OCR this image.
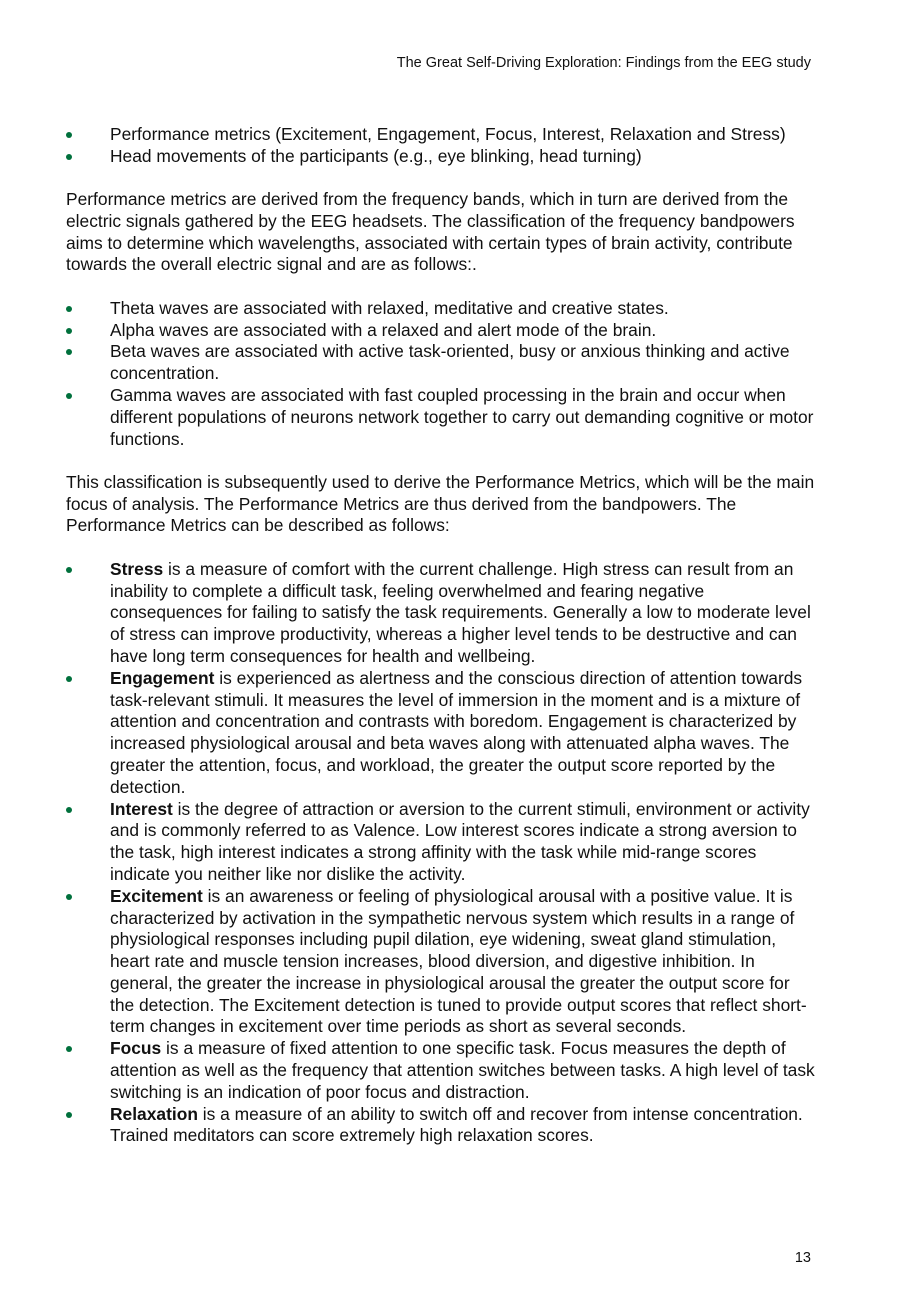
The Great Self-Driving Exploration: Findings from the EEG study
Performance metrics (Excitement, Engagement, Focus, Interest, Relaxation and Stress)
Head movements of the participants (e.g., eye blinking, head turning)

Performance metrics are derived from the frequency bands, which in turn are derived from the electric signals gathered by the EEG headsets. The classification of the frequency bandpowers aims to determine which wavelengths, associated with certain types of brain activity, contribute towards the overall electric signal and are as follows:.

Theta waves are associated with relaxed, meditative and creative states.
Alpha waves are associated with a relaxed and alert mode of the brain.
Beta waves are associated with active task-oriented, busy or anxious thinking and active concentration.
Gamma waves are associated with fast coupled processing in the brain and occur when different populations of neurons network together to carry out demanding cognitive or motor functions.

This classification is subsequently used to derive the Performance Metrics, which will be the main focus of analysis. The Performance Metrics are thus derived from the bandpowers. The Performance Metrics can be described as follows:

Stress is a measure of comfort with the current challenge. High stress can result from an inability to complete a difficult task, feeling overwhelmed and fearing negative consequences for failing to satisfy the task requirements. Generally a low to moderate level of stress can improve productivity, whereas a higher level tends to be destructive and can have long term consequences for health and wellbeing.
Engagement is experienced as alertness and the conscious direction of attention towards task-relevant stimuli. It measures the level of immersion in the moment and is a mixture of attention and concentration and contrasts with boredom. Engagement is characterized by increased physiological arousal and beta waves along with attenuated alpha waves. The greater the attention, focus, and workload, the greater the output score reported by the detection.
Interest is the degree of attraction or aversion to the current stimuli, environment or activity and is commonly referred to as Valence. Low interest scores indicate a strong aversion to the task, high interest indicates a strong affinity with the task while mid-range scores indicate you neither like nor dislike the activity.
Excitement is an awareness or feeling of physiological arousal with a positive value. It is characterized by activation in the sympathetic nervous system which results in a range of physiological responses including pupil dilation, eye widening, sweat gland stimulation, heart rate and muscle tension increases, blood diversion, and digestive inhibition. In general, the greater the increase in physiological arousal the greater the output score for the detection. The Excitement detection is tuned to provide output scores that reflect short-term changes in excitement over time periods as short as several seconds.
Focus is a measure of fixed attention to one specific task. Focus measures the depth of attention as well as the frequency that attention switches between tasks. A high level of task switching is an indication of poor focus and distraction.
Relaxation is a measure of an ability to switch off and recover from intense concentration. Trained meditators can score extremely high relaxation scores.
13
